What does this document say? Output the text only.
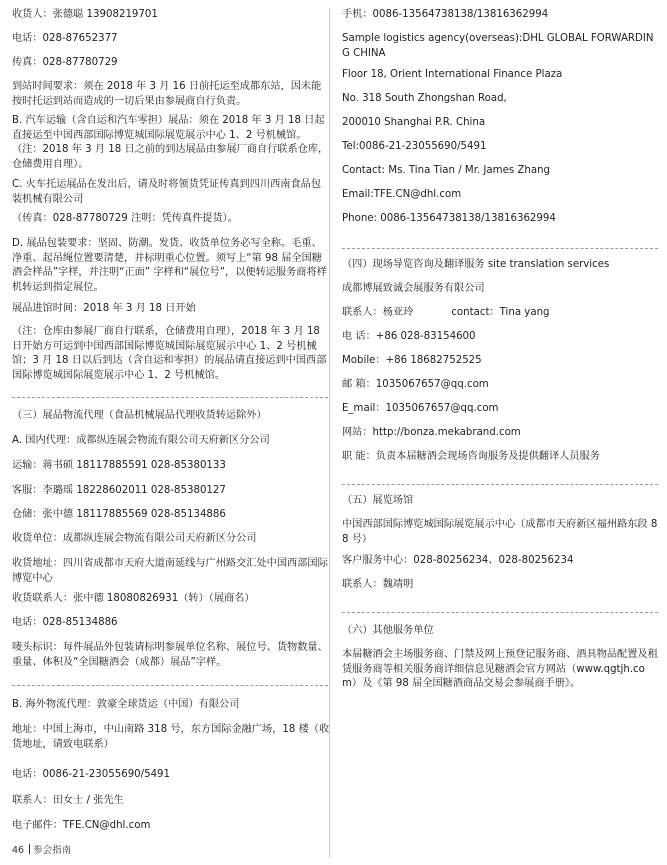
收货人：张德聪 13908219701

电话：028-87652377

传真：028-87780729

到站时间要求：须在 2018 年 3 月 16 日前托运至成都东站，因未能按时托运到站而造成的一切后果由参展商自行负责。

B. 汽车运输（含自运和汽车零担）展品：须在 2018 年 3 月 18 日起直接运至中国西部国际博览城国际展览展示中心 1、2 号机械馆。（注：2018 年 3 月 18 日之前的到达展品由参展厂商自行联系仓库，仓储费用自理）。

C. 火车托运展品在发出后，请及时将领货凭证传真到四川西南食品包装机械有限公司

（传真：028-87780729 注明：凭传真件提货）。

D. 展品包装要求：坚固、防潮。发货、收货单位务必写全称。毛重、净重、起吊绳位置要清楚，并标明重心位置。须写上“第 98 届全国糖酒会样品”字样，并注明“正面” 字样和“展位号”，以便转运服务商将样机转运到指定展位。

展品进馆时间：2018 年 3 月 18 日开始

（注：仓库由参展厂商自行联系，仓储费用自理），2018 年 3 月 18 日开始方可运到中国西部国际博览城国际展览展示中心 1、2 号机械馆；3 月 18 日以后到达（含自运和零担）的展品请直接运到中国西部国际博览城国际展览展示中心 1、2 号机械馆。

（三）展品物流代理（食品机械展品代理收货转运除外）

A. 国内代理：成都纵连展会物流有限公司天府新区分公司

运输：蒋书硕 18117885591 028-85380133

客服：李璐瑶 18228602011 028-85380127

仓储：张中德 18117885569 028-85134886

收货单位：成都纵连展会物流有限公司天府新区分公司

收货地址：四川省成都市天府大道南延线与广州路交汇处中国西部国际博览中心

收货联系人：张中德 18080826931（转）（展商名）

电话：028-85134886

唛头标识：每件展品外包装请标明参展单位名称、展位号、货物数量、重量、体积及“全国糖酒会（成都）展品”字样。

B. 海外物流代理：敦豪全球货运（中国）有限公司

地址：中国上海市，中山南路 318 号，东方国际金融广场，18 楼（收货地址，请致电联系）

电话：0086-21-23055690/5491

联系人：田女士 / 张先生

电子邮件：TFE.CN@dhl.com

手机：0086-13564738138/13816362994

Sample logistics agency(overseas):DHL GLOBAL FORWARDING CHINA

Floor 18, Orient International Finance Plaza

No. 318 South Zhongshan Road,

200010 Shanghai P.R. China

Tel:0086-21-23055690/5491

Contact: Ms. Tina Tian / Mr. James Zhang

Email:TFE.CN@dhl.com

Phone: 0086-13564738138/13816362994

（四）现场导览咨询及翻译服务 site translation services

成都博展致诚会展服务有限公司

联系人：杨亚玲	contact：Tina yang

电 话：+86 028-83154600

Mobile：+86 18682752525

邮 箱：1035067657@qq.com

E_mail：1035067657@qq.com

网站：http://bonza.mekabrand.com

职 能：负责本届糖酒会现场咨询服务及提供翻译人员服务

（五）展览场馆

中国西部国际博览城国际展览展示中心（成都市天府新区福州路东段 88 号）

客户服务中心：028-80256234、028-80256234

联系人：魏靖明

（六）其他服务单位

本届糖酒会主场服务商、门禁及网上预登记服务商、酒具物品配置及租赁服务商等相关服务商详细信息见糖酒会官方网站（www.qgtjh.com）及《第 98 届全国糖酒商品交易会参展商手册》。

46 参会指南
